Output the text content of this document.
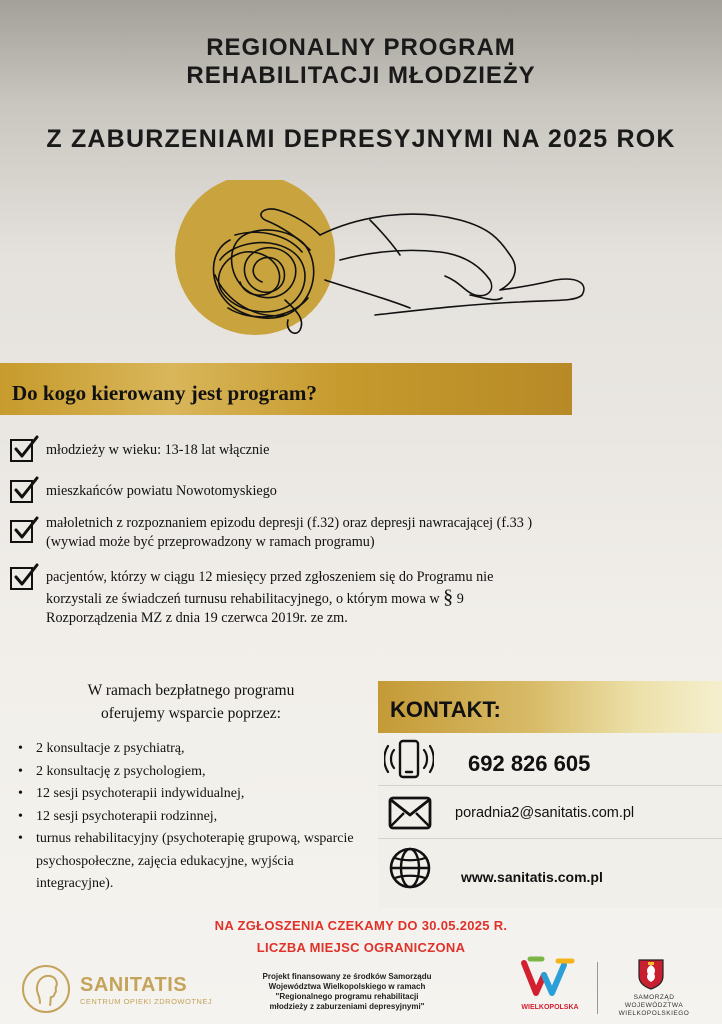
REGIONALNY PROGRAM
REHABILITACJI MŁODZIEŻY
Z ZABURZENIAMI DEPRESYJNYMI NA 2025 ROK
Do kogo kierowany jest program?
młodzieży w wieku: 13-18 lat włącznie
mieszkańców powiatu Nowotomyskiego
małoletnich z rozpoznaniem epizodu depresji (f.32) oraz depresji nawracającej (f.33 )
(wywiad może być przeprowadzony w ramach programu)
pacjentów, którzy w ciągu 12 miesięcy przed zgłoszeniem się do Programu nie
korzystali ze świadczeń turnusu rehabilitacyjnego, o którym mowa w § 9
Rozporządzenia MZ z dnia 19 czerwca 2019r. ze zm.
W ramach bezpłatnego programu
oferujemy wsparcie poprzez:
• 2 konsultacje z psychiatrą,
• 2 konsultację z psychologiem,
• 12 sesji psychoterapii indywidualnej,
• 12 sesji psychoterapii rodzinnej,
• turnus rehabilitacyjny (psychoterapię grupową, wsparcie
psychospołeczne, zajęcia edukacyjne, wyjścia
integracyjne).
KONTAKT:
692 826 605
poradnia2@sanitatis.com.pl
www.sanitatis.com.pl
NA ZGŁOSZENIA CZEKAMY DO 30.05.2025 R.
LICZBA MIEJSC OGRANICZONA
SANITATIS
CENTRUM OPIEKI ZDROWOTNEJ
Projekt finansowany ze środków Samorządu
Województwa Wielkopolskiego w ramach
"Regionalnego programu rehabilitacji
młodzieży z zaburzeniami depresyjnymi"	WIELKOPOLSKA
SAMORZĄD
WOJEWÓDZTWA
WIELKOPOLSKIEGO
